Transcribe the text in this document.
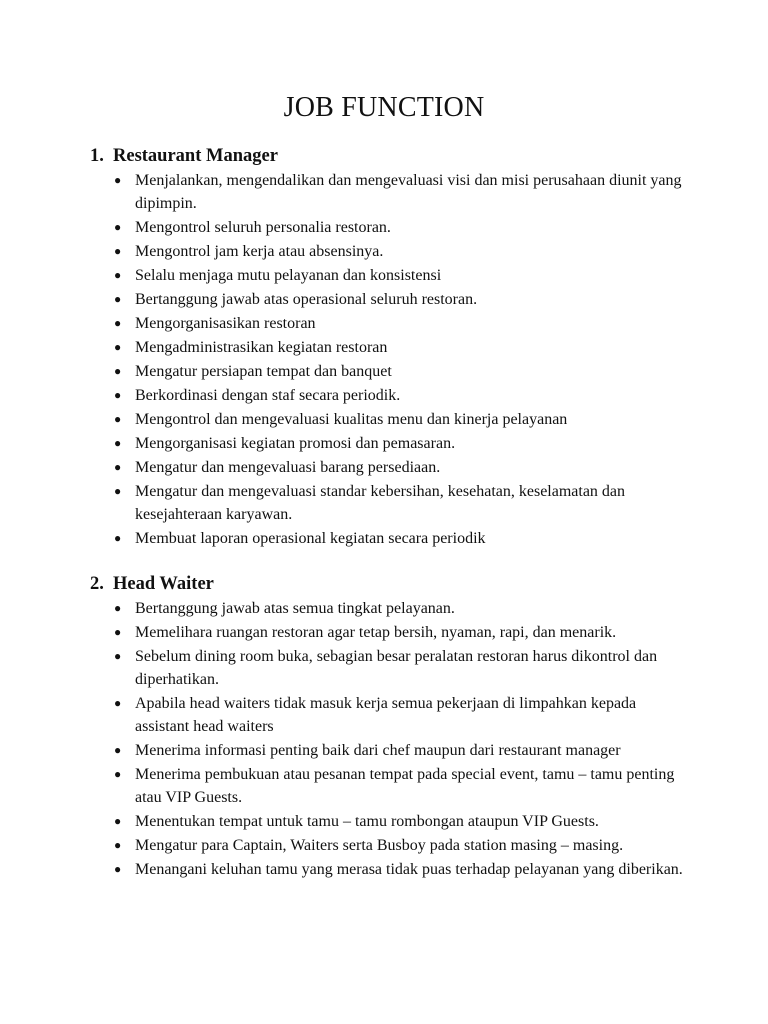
JOB FUNCTION
1. Restaurant Manager
● Menjalankan, mengendalikan dan mengevaluasi visi dan misi perusahaan diunit yang dipimpin.
● Mengontrol seluruh personalia restoran.
● Mengontrol jam kerja atau absensinya.
● Selalu menjaga mutu pelayanan dan konsistensi
● Bertanggung jawab atas operasional seluruh restoran.
● Mengorganisasikan restoran
● Mengadministrasikan kegiatan restoran
● Mengatur persiapan tempat dan banquet
● Berkordinasi dengan staf secara periodik.
● Mengontrol dan mengevaluasi kualitas menu dan kinerja pelayanan
● Mengorganisasi kegiatan promosi dan pemasaran.
● Mengatur dan mengevaluasi barang persediaan.
● Mengatur dan mengevaluasi standar kebersihan, kesehatan, keselamatan dan kesejahteraan karyawan.
● Membuat laporan operasional kegiatan secara periodik
2. Head Waiter
● Bertanggung jawab atas semua tingkat pelayanan.
● Memelihara ruangan restoran agar tetap bersih, nyaman, rapi, dan menarik.
● Sebelum dining room buka, sebagian besar peralatan restoran harus dikontrol dan diperhatikan.
● Apabila head waiters tidak masuk kerja semua pekerjaan di limpahkan kepada assistant head waiters
● Menerima informasi penting baik dari chef maupun dari restaurant manager
● Menerima pembukuan atau pesanan tempat pada special event, tamu – tamu penting atau VIP Guests.
● Menentukan tempat untuk tamu – tamu rombongan ataupun VIP Guests.
● Mengatur para Captain, Waiters serta Busboy pada station masing – masing.
● Menangani keluhan tamu yang merasa tidak puas terhadap pelayanan yang diberikan.
